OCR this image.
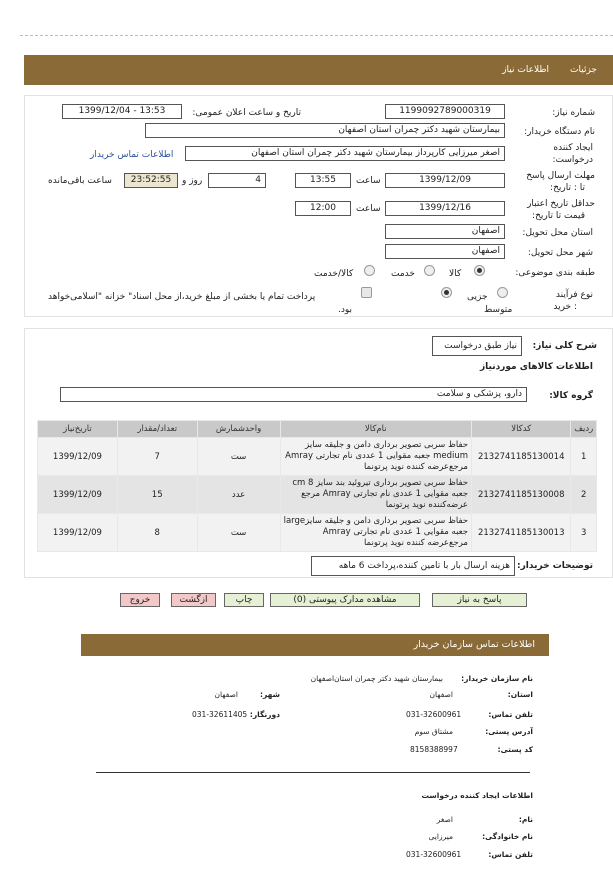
جزئیات
اطلاعات نیاز
شماره نیاز:
1199092789000319
تاریخ و ساعت اعلان عمومی:
1399/12/04 - 13:53
نام دستگاه خریدار:
بیمارستان شهید دکتر چمران استان اصفهان
ایجاد کننده
درخواست:
اصغر میرزایی کارپرداز بیمارستان شهید دکتر چمران استان اصفهان
اطلاعات تماس خریدار
مهلت ارسال پاسخ
تا : تاریخ:
1399/12/09
ساعت
13:55
4
روز و
23:52:55
ساعت باقی‌مانده
حداقل تاریخ اعتبار
قیمت تا تاریخ:
1399/12/16
ساعت
12:00
استان محل تحویل:
اصفهان
شهر محل تحویل:
اصفهان
طبقه بندی موضوعی:
کالا
خدمت
کالا/خدمت
نوع فرآیند
: خرید
جزیی
متوسط
پرداخت تمام یا بخشی از مبلغ خرید،از محل اسناد" خزانه "اسلامی‌خواهد
بود.
شرح کلی نیاز:
نیاز طبق درخواست
اطلاعات کالاهای موردنیاز
گروه کالا:
دارو، پزشکی و سلامت
ردیف	کدکالا	نام‌کالا	واحدشمارش	تعداد/مقدار	تاریخ‌نیاز
1	2132741185130014	حفاظ سربی تصویر برداری دامن و جلیقه سایز medium جعبه مقوایی 1 عددی نام تجارتی Amray مرجع‌عرضه کننده نوید پرتونما	ست	7	1399/12/09
2	2132741185130008	حفاظ سربی تصویر برداری تیروئید بند سایز cm 8 جعبه مقوایی 1 عددی نام تجارتی Amray مرجع عرضه‌کننده نوید پرتونما	عدد	15	1399/12/09
3	2132741185130013	حفاظ سربی تصویر برداری دامن و جلیقه سایزlarge جعبه مقوایی 1 عددی نام تجارتی Amray مرجع‌عرضه کننده نوید پرتونما	ست	8	1399/12/09
توضیحات خریدار:
هزینه ارسال بار با تامین کننده،پرداخت 6 ماهه
پاسخ به نیاز
مشاهده مدارک پیوستی (0)
چاپ
ازگشت
خروج
اطلاعات تماس سازمان خریدار
نام سازمان خریدار:
بیمارستان شهید دکتر چمران استان‌اصفهان
استان:
اصفهان
شهر:
اصفهان
تلفن تماس:
031-32600961
دورنگار:
031-32611405
آدرس پستی:
مشتاق سوم
کد پستی:
8158388997
اطلاعات ایجاد کننده درخواست
نام:
اصغر
نام خانوادگی:
میرزایی
تلفن تماس:
031-32600961
